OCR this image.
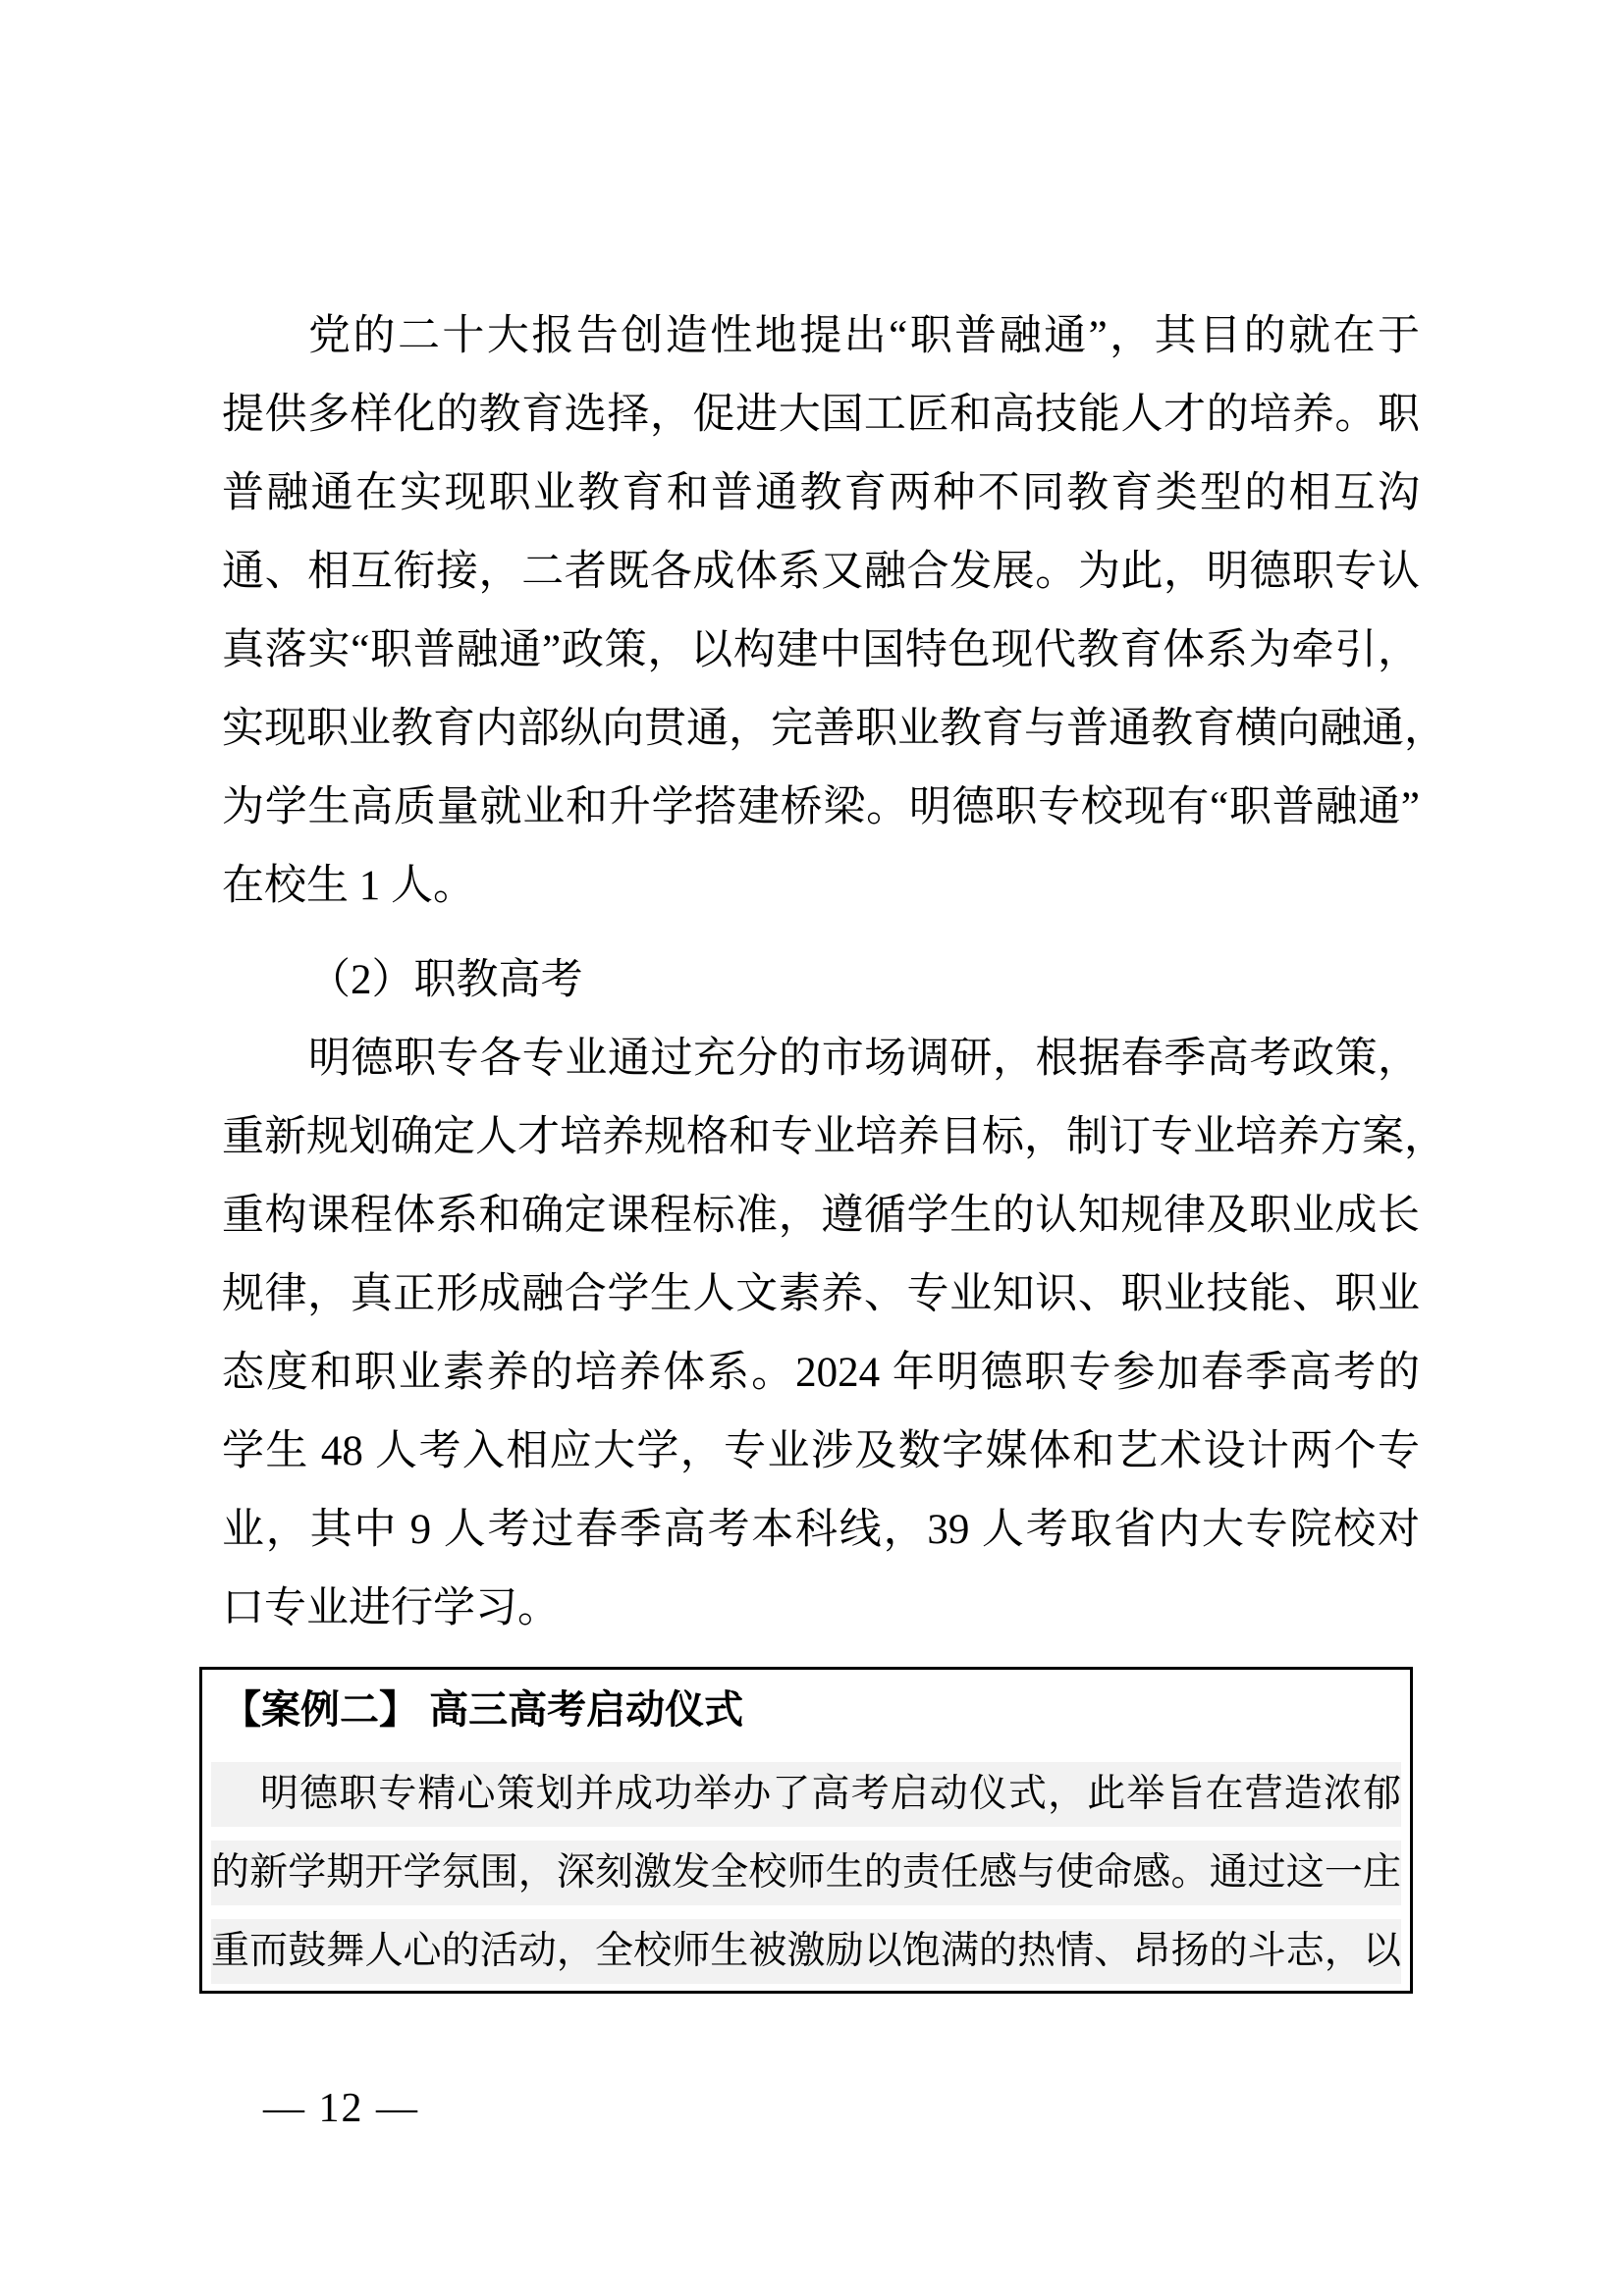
党的二十大报告创造性地提出“职普融通”，其目的就在于
提供多样化的教育选择，促进大国工匠和高技能人才的培养。职
普融通在实现职业教育和普通教育两种不同教育类型的相互沟
通、相互衔接，二者既各成体系又融合发展。为此，明德职专认
真落实“职普融通”政策，以构建中国特色现代教育体系为牵引，
实现职业教育内部纵向贯通，完善职业教育与普通教育横向融通，
为学生高质量就业和升学搭建桥梁。明德职专校现有“职普融通”
在校生 1 人。
（2）职教高考
明德职专各专业通过充分的市场调研，根据春季高考政策，
重新规划确定人才培养规格和专业培养目标，制订专业培养方案，
重构课程体系和确定课程标准，遵循学生的认知规律及职业成长
规律，真正形成融合学生人文素养、专业知识、职业技能、职业
态度和职业素养的培养体系。2024 年明德职专参加春季高考的
学生 48 人考入相应大学，专业涉及数字媒体和艺术设计两个专
业，其中 9 人考过春季高考本科线，39 人考取省内大专院校对
口专业进行学习。
【案例二】 高三高考启动仪式
明德职专精心策划并成功举办了高考启动仪式，此举旨在营造浓郁
的新学期开学氛围，深刻激发全校师生的责任感与使命感。通过这一庄
重而鼓舞人心的活动，全校师生被激励以饱满的热情、昂扬的斗志，以
— 12 —
